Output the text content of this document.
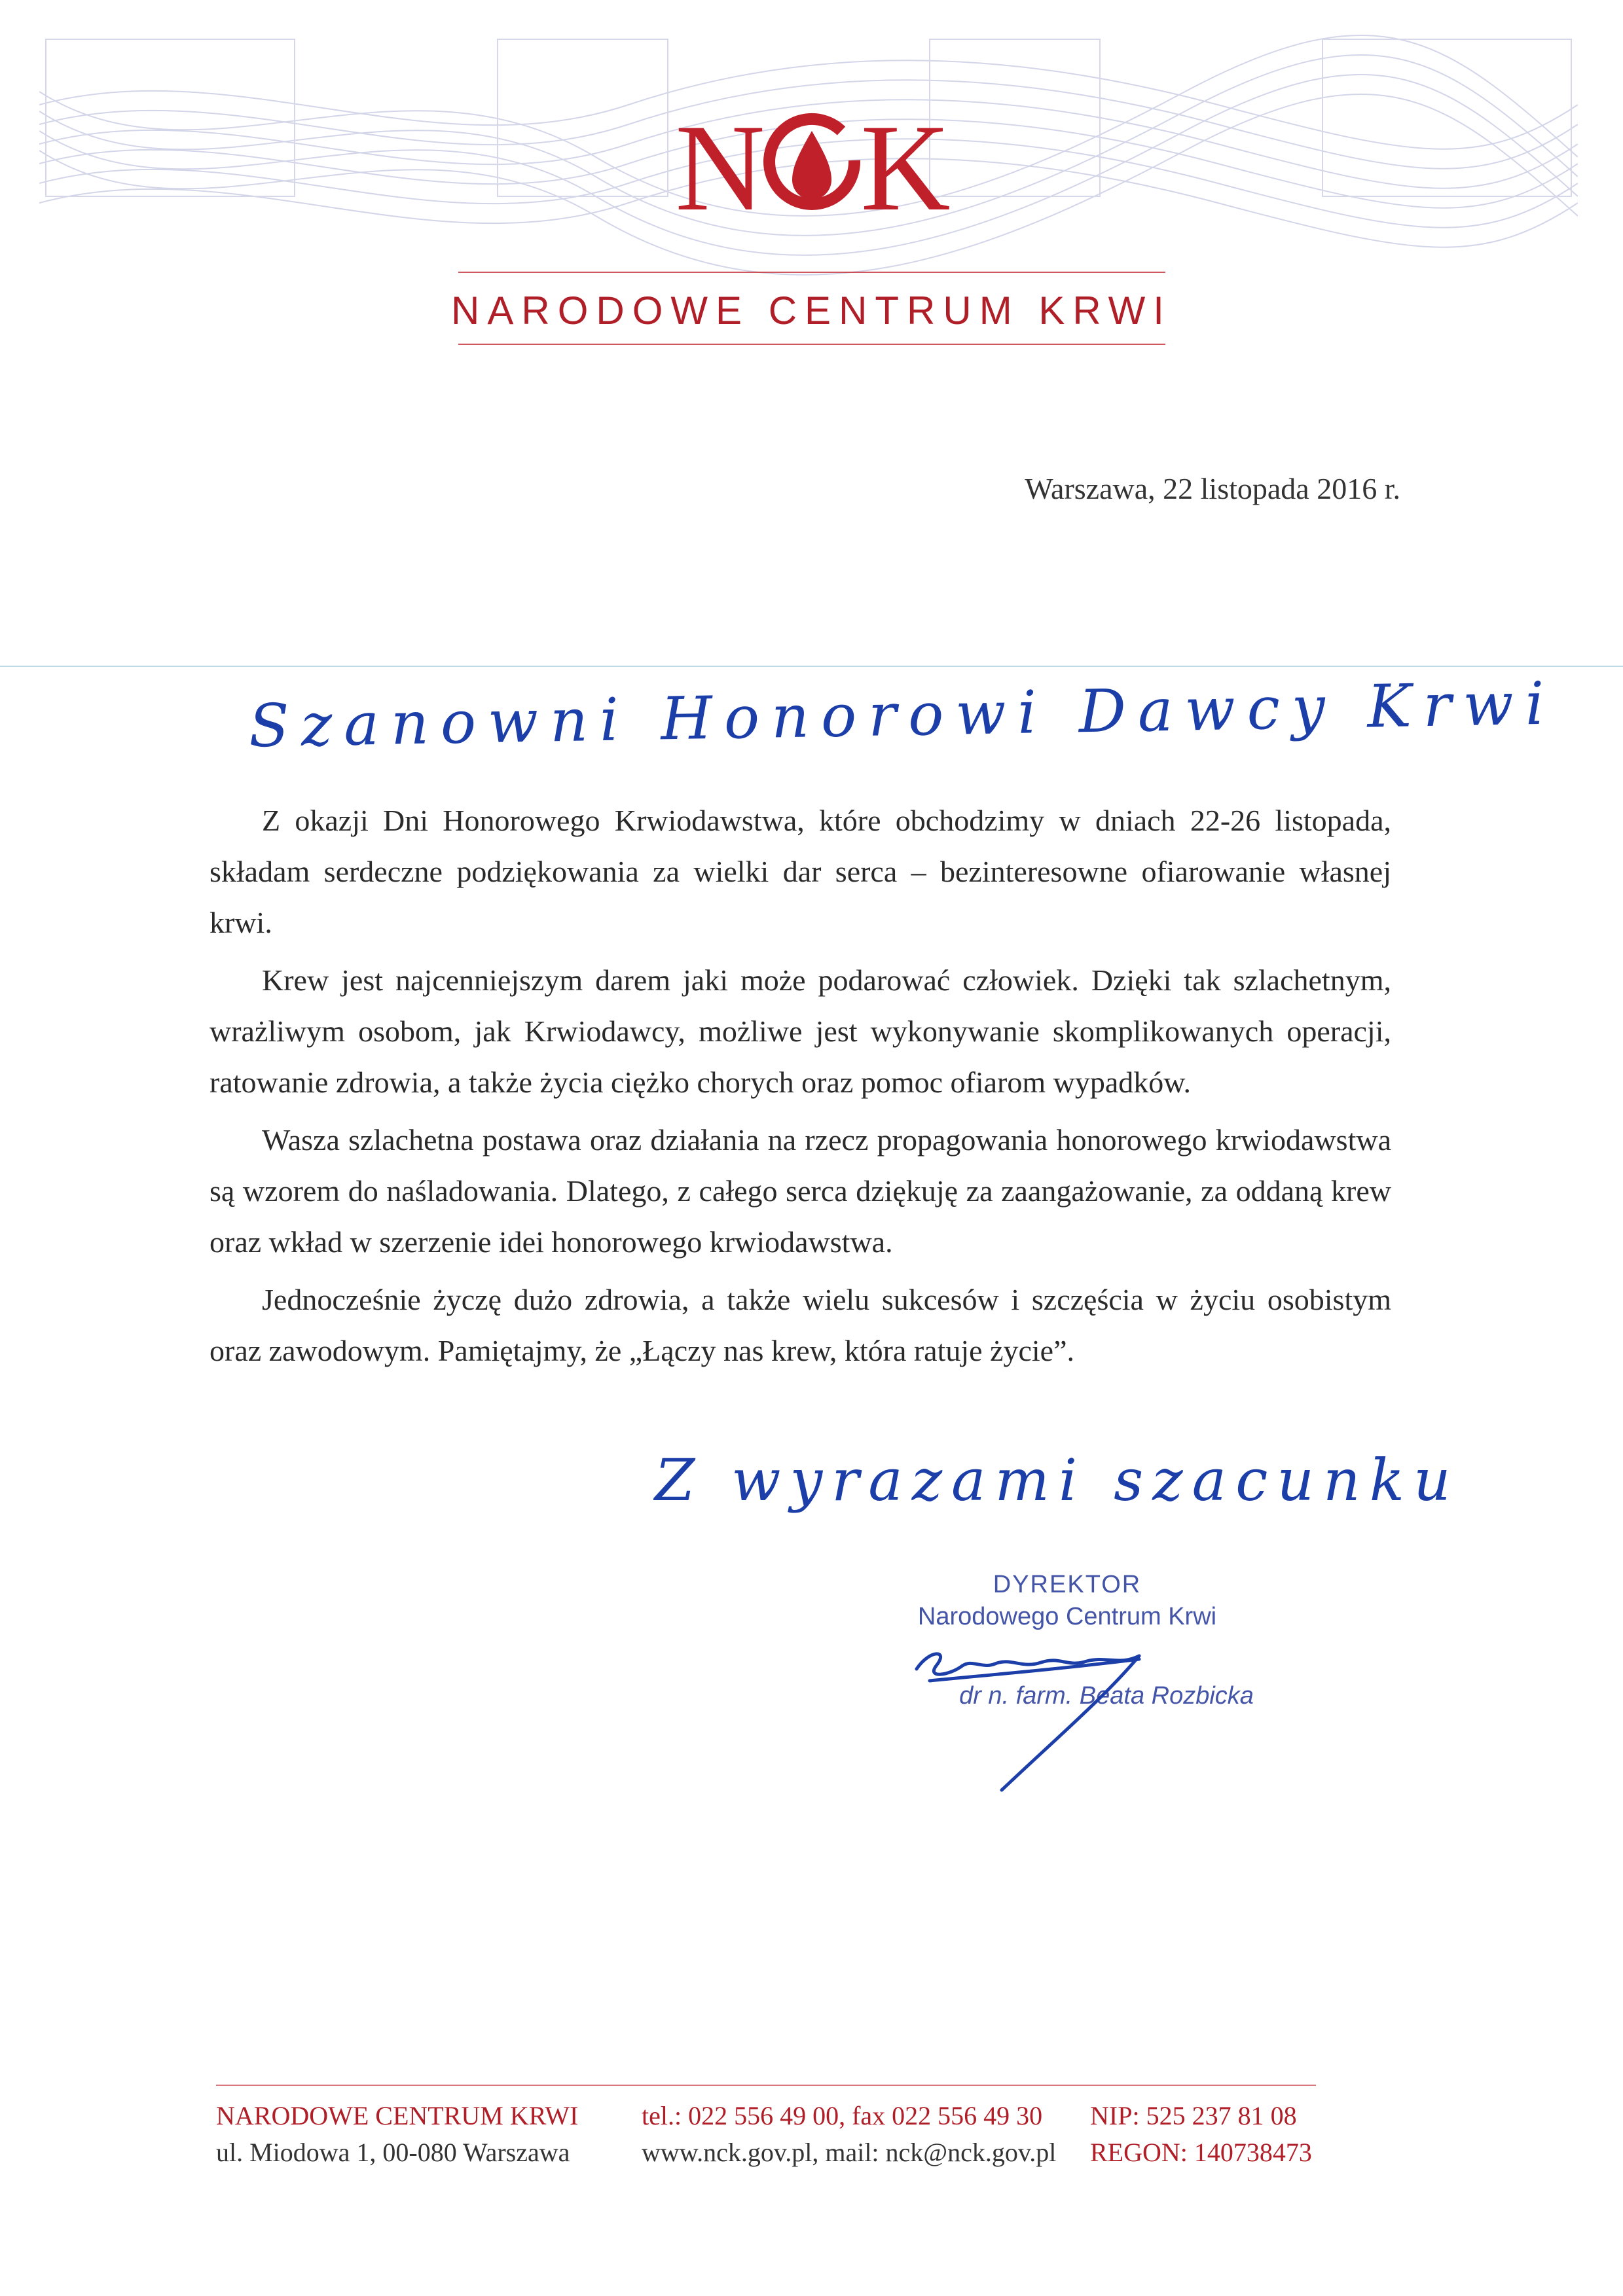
N K
NARODOWE CENTRUM KRWI
Warszawa, 22 listopada 2016 r.
Szanowni Honorowi Dawcy Krwi

Z okazji Dni Honorowego Krwiodawstwa, które obchodzimy w dniach 22-26 listopada, składam serdeczne podziękowania za wielki dar serca – bezinteresowne ofiarowanie własnej krwi.

Krew jest najcenniejszym darem jaki może podarować człowiek. Dzięki tak szlachetnym, wrażliwym osobom, jak Krwiodawcy, możliwe jest wykonywanie skomplikowanych operacji, ratowanie zdrowia, a także życia ciężko chorych oraz pomoc ofiarom wypadków.

Wasza szlachetna postawa oraz działania na rzecz propagowania honorowego krwiodawstwa są wzorem do naśladowania. Dlatego, z całego serca dziękuję za zaangażowanie, za oddaną krew oraz wkład w szerzenie idei honorowego krwiodawstwa.

Jednocześnie życzę dużo zdrowia, a także wielu sukcesów i szczęścia w życiu osobistym oraz zawodowym. Pamiętajmy, że „Łączy nas krew, która ratuje życie”.

Z wyrazami szacunku
DYREKTOR
Narodowego Centrum Krwi
dr n. farm. Beata Rozbicka
NARODOWE CENTRUM KRWI
ul. Miodowa 1, 00-080 Warszawa
tel.: 022 556 49 00, fax 022 556 49 30
www.nck.gov.pl, mail: nck@nck.gov.pl
NIP: 525 237 81 08
REGON: 140738473
